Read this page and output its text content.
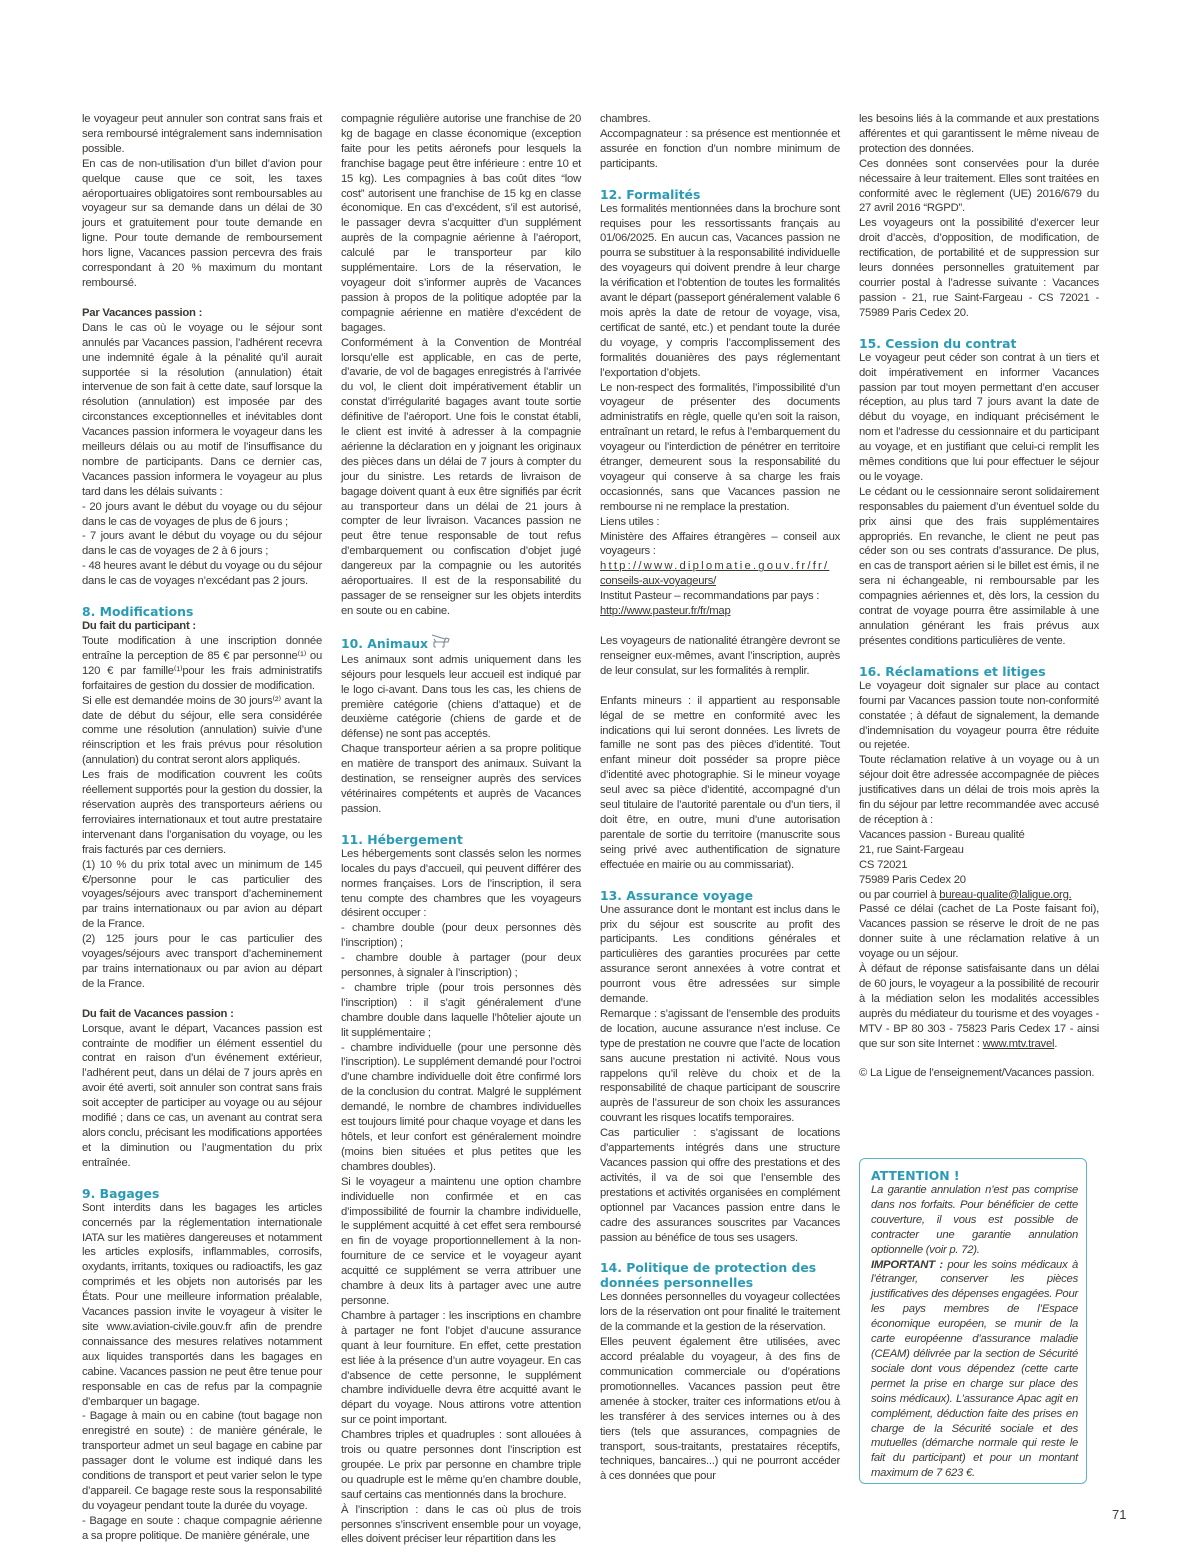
le voyageur peut annuler son contrat sans frais et sera remboursé intégralement sans indemnisation possible.

En cas de non-utilisation d’un billet d’avion pour quelque cause que ce soit, les taxes aéroportuaires obligatoires sont remboursables au voyageur sur sa demande dans un délai de 30 jours et gratuitement pour toute demande en ligne. Pour toute demande de remboursement hors ligne, Vacances passion percevra des frais correspondant à 20 % maximum du montant remboursé.

Par Vacances passion :

Dans le cas où le voyage ou le séjour sont annulés par Vacances passion, l’adhérent recevra une indemnité égale à la pénalité qu’il aurait supportée si la résolution (annulation) était intervenue de son fait à cette date, sauf lorsque la résolution (annulation) est imposée par des circonstances exceptionnelles et inévitables dont Vacances passion informera le voyageur dans les meilleurs délais ou au motif de l’insuffisance du nombre de participants. Dans ce dernier cas, Vacances passion informera le voyageur au plus tard dans les délais suivants :

- 20 jours avant le début du voyage ou du séjour dans le cas de voyages de plus de 6 jours ;

- 7 jours avant le début du voyage ou du séjour dans le cas de voyages de 2 à 6 jours ;

- 48 heures avant le début du voyage ou du séjour dans le cas de voyages n’excédant pas 2 jours.

8. Modifications

Du fait du participant :

Toute modification à une inscription donnée entraîne la perception de 85 € par personne⁽¹⁾ ou 120 € par famille⁽¹⁾pour les frais administratifs forfaitaires de gestion du dossier de modification.

Si elle est demandée moins de 30 jours⁽²⁾ avant la date de début du séjour, elle sera considérée comme une résolution (annulation) suivie d’une réinscription et les frais prévus pour résolution (annulation) du contrat seront alors appliqués.

Les frais de modification couvrent les coûts réellement supportés pour la gestion du dossier, la réservation auprès des transporteurs aériens ou ferroviaires internationaux et tout autre prestataire intervenant dans l’organisation du voyage, ou les frais facturés par ces derniers.

(1) 10 % du prix total avec un minimum de 145 €/personne pour le cas particulier des voyages/séjours avec transport d’acheminement par trains internationaux ou par avion au départ de la France.

(2) 125 jours pour le cas particulier des voyages/séjours avec transport d’acheminement par trains internationaux ou par avion au départ de la France.

Du fait de Vacances passion :

Lorsque, avant le départ, Vacances passion est contrainte de modifier un élément essentiel du contrat en raison d’un événement extérieur, l’adhérent peut, dans un délai de 7 jours après en avoir été averti, soit annuler son contrat sans frais soit accepter de participer au voyage ou au séjour modifié ; dans ce cas, un avenant au contrat sera alors conclu, précisant les modifications apportées et la diminution ou l’augmentation du prix entraînée.

9. Bagages

Sont interdits dans les bagages les articles concernés par la réglementation internationale IATA sur les matières dangereuses et notamment les articles explosifs, inflammables, corrosifs, oxydants, irritants, toxiques ou radioactifs, les gaz comprimés et les objets non autorisés par les États. Pour une meilleure information préalable, Vacances passion invite le voyageur à visiter le site www.aviation-civile.gouv.fr afin de prendre connaissance des mesures relatives notamment aux liquides transportés dans les bagages en cabine. Vacances passion ne peut être tenue pour responsable en cas de refus par la compagnie d’embarquer un bagage.

- Bagage à main ou en cabine (tout bagage non enregistré en soute) : de manière générale, le transporteur admet un seul bagage en cabine par passager dont le volume est indiqué dans les conditions de transport et peut varier selon le type d’appareil. Ce bagage reste sous la responsabilité du voyageur pendant toute la durée du voyage.

- Bagage en soute : chaque compagnie aérienne a sa propre politique. De manière générale, une

compagnie régulière autorise une franchise de 20 kg de bagage en classe économique (exception faite pour les petits aéronefs pour lesquels la franchise bagage peut être inférieure : entre 10 et 15 kg). Les compagnies à bas coût dites “low cost” autorisent une franchise de 15 kg en classe économique. En cas d’excédent, s’il est autorisé, le passager devra s’acquitter d’un supplément auprès de la compagnie aérienne à l’aéroport, calculé par le transporteur par kilo supplémentaire. Lors de la réservation, le voyageur doit s’informer auprès de Vacances passion à propos de la politique adoptée par la compagnie aérienne en matière d’excédent de bagages.

Conformément à la Convention de Montréal lorsqu’elle est applicable, en cas de perte, d’avarie, de vol de bagages enregistrés à l’arrivée du vol, le client doit impérativement établir un constat d’irrégularité bagages avant toute sortie définitive de l’aéroport. Une fois le constat établi, le client est invité à adresser à la compagnie aérienne la déclaration en y joignant les originaux des pièces dans un délai de 7 jours à compter du jour du sinistre. Les retards de livraison de bagage doivent quant à eux être signifiés par écrit au transporteur dans un délai de 21 jours à compter de leur livraison. Vacances passion ne peut être tenue responsable de tout refus d’embarquement ou confiscation d’objet jugé dangereux par la compagnie ou les autorités aéroportuaires. Il est de la responsabilité du passager de se renseigner sur les objets interdits en soute ou en cabine.

10. Animaux

Les animaux sont admis uniquement dans les séjours pour lesquels leur accueil est indiqué par le logo ci-avant. Dans tous les cas, les chiens de première catégorie (chiens d’attaque) et de deuxième catégorie (chiens de garde et de défense) ne sont pas acceptés.

Chaque transporteur aérien a sa propre politique en matière de transport des animaux. Suivant la destination, se renseigner auprès des services vétérinaires compétents et auprès de Vacances passion.

11. Hébergement

Les hébergements sont classés selon les normes locales du pays d’accueil, qui peuvent différer des normes françaises. Lors de l’inscription, il sera tenu compte des chambres que les voyageurs désirent occuper :

- chambre double (pour deux personnes dès l’inscription) ;

- chambre double à partager (pour deux personnes, à signaler à l’inscription) ;

- chambre triple (pour trois personnes dès l’inscription) : il s’agit généralement d’une chambre double dans laquelle l’hôtelier ajoute un lit supplémentaire ;

- chambre individuelle (pour une personne dès l’inscription). Le supplément demandé pour l’octroi d’une chambre individuelle doit être confirmé lors de la conclusion du contrat. Malgré le supplément demandé, le nombre de chambres individuelles est toujours limité pour chaque voyage et dans les hôtels, et leur confort est généralement moindre (moins bien situées et plus petites que les chambres doubles).

Si le voyageur a maintenu une option chambre individuelle non confirmée et en cas d’impossibilité de fournir la chambre individuelle, le supplément acquitté à cet effet sera remboursé en fin de voyage proportionnellement à la non-fourniture de ce service et le voyageur ayant acquitté ce supplément se verra attribuer une chambre à deux lits à partager avec une autre personne.

Chambre à partager : les inscriptions en chambre à partager ne font l’objet d’aucune assurance quant à leur fourniture. En effet, cette prestation est liée à la présence d’un autre voyageur. En cas d’absence de cette personne, le supplément chambre individuelle devra être acquitté avant le départ du voyage. Nous attirons votre attention sur ce point important.

Chambres triples et quadruples : sont allouées à trois ou quatre personnes dont l’inscription est groupée. Le prix par personne en chambre triple ou quadruple est le même qu’en chambre double, sauf certains cas mentionnés dans la brochure.

À l’inscription : dans le cas où plus de trois personnes s’inscrivent ensemble pour un voyage, elles doivent préciser leur répartition dans les

chambres.

Accompagnateur : sa présence est mentionnée et assurée en fonction d’un nombre minimum de participants.

12. Formalités

Les formalités mentionnées dans la brochure sont requises pour les ressortissants français au 01/06/2025. En aucun cas, Vacances passion ne pourra se substituer à la responsabilité individuelle des voyageurs qui doivent prendre à leur charge la vérification et l’obtention de toutes les formalités avant le départ (passeport généralement valable 6 mois après la date de retour de voyage, visa, certificat de santé, etc.) et pendant toute la durée du voyage, y compris l’accomplissement des formalités douanières des pays réglementant l’exportation d’objets.

Le non-respect des formalités, l’impossibilité d’un voyageur de présenter des documents administratifs en règle, quelle qu’en soit la raison, entraînant un retard, le refus à l’embarquement du voyageur ou l’interdiction de pénétrer en territoire étranger, demeurent sous la responsabilité du voyageur qui conserve à sa charge les frais occasionnés, sans que Vacances passion ne rembourse ni ne remplace la prestation.

Liens utiles :

Ministère des Affaires étrangères – conseil aux voyageurs :

http://www.diplomatie.gouv.fr/fr/

conseils-aux-voyageurs/

Institut Pasteur – recommandations par pays :

http://www.pasteur.fr/fr/map

Les voyageurs de nationalité étrangère devront se renseigner eux-mêmes, avant l’inscription, auprès de leur consulat, sur les formalités à remplir.

Enfants mineurs : il appartient au responsable légal de se mettre en conformité avec les indications qui lui seront données. Les livrets de famille ne sont pas des pièces d’identité. Tout enfant mineur doit posséder sa propre pièce d’identité avec photographie. Si le mineur voyage seul avec sa pièce d’identité, accompagné d’un seul titulaire de l’autorité parentale ou d’un tiers, il doit être, en outre, muni d’une autorisation parentale de sortie du territoire (manuscrite sous seing privé avec authentification de signature effectuée en mairie ou au commissariat).

13. Assurance voyage

Une assurance dont le montant est inclus dans le prix du séjour est souscrite au profit des participants. Les conditions générales et particulières des garanties procurées par cette assurance seront annexées à votre contrat et pourront vous être adressées sur simple demande.

Remarque : s’agissant de l’ensemble des produits de location, aucune assurance n’est incluse. Ce type de prestation ne couvre que l’acte de location sans aucune prestation ni activité. Nous vous rappelons qu’il relève du choix et de la responsabilité de chaque participant de souscrire auprès de l’assureur de son choix les assurances couvrant les risques locatifs temporaires.

Cas particulier : s’agissant de locations d’appartements intégrés dans une structure Vacances passion qui offre des prestations et des activités, il va de soi que l’ensemble des prestations et activités organisées en complément optionnel par Vacances passion entre dans le cadre des assurances souscrites par Vacances passion au bénéfice de tous ses usagers.

14. Politique de protection des données personnelles

Les données personnelles du voyageur collectées lors de la réservation ont pour finalité le traitement de la commande et la gestion de la réservation.

Elles peuvent également être utilisées, avec accord préalable du voyageur, à des fins de communication commerciale ou d’opérations promotionnelles. Vacances passion peut être amenée à stocker, traiter ces informations et/ou à les transférer à des services internes ou à des tiers (tels que assurances, compagnies de transport, sous-traitants, prestataires réceptifs, techniques, bancaires...) qui ne pourront accéder à ces données que pour

les besoins liés à la commande et aux prestations afférentes et qui garantissent le même niveau de protection des données.

Ces données sont conservées pour la durée nécessaire à leur traitement. Elles sont traitées en conformité avec le règlement (UE) 2016/679 du 27 avril 2016 “RGPD”.

Les voyageurs ont la possibilité d’exercer leur droit d’accès, d’opposition, de modification, de rectification, de portabilité et de suppression sur leurs données personnelles gratuitement par courrier postal à l’adresse suivante : Vacances passion - 21, rue Saint-Fargeau - CS 72021 - 75989 Paris Cedex 20.

15. Cession du contrat

Le voyageur peut céder son contrat à un tiers et doit impérativement en informer Vacances passion par tout moyen permettant d’en accuser réception, au plus tard 7 jours avant la date de début du voyage, en indiquant précisément le nom et l’adresse du cessionnaire et du participant au voyage, et en justifiant que celui-ci remplit les mêmes conditions que lui pour effectuer le séjour ou le voyage.

Le cédant ou le cessionnaire seront solidairement responsables du paiement d’un éventuel solde du prix ainsi que des frais supplémentaires appropriés. En revanche, le client ne peut pas céder son ou ses contrats d’assurance. De plus, en cas de transport aérien si le billet est émis, il ne sera ni échangeable, ni remboursable par les compagnies aériennes et, dès lors, la cession du contrat de voyage pourra être assimilable à une annulation générant les frais prévus aux présentes conditions particulières de vente.

16. Réclamations et litiges

Le voyageur doit signaler sur place au contact fourni par Vacances passion toute non-conformité constatée ; à défaut de signalement, la demande d’indemnisation du voyageur pourra être réduite ou rejetée.

Toute réclamation relative à un voyage ou à un séjour doit être adressée accompagnée de pièces justificatives dans un délai de trois mois après la fin du séjour par lettre recommandée avec accusé de réception à :

Vacances passion - Bureau qualité

21, rue Saint-Fargeau

CS 72021

75989 Paris Cedex 20

ou par courriel à bureau-qualite@laligue.org.

Passé ce délai (cachet de La Poste faisant foi), Vacances passion se réserve le droit de ne pas donner suite à une réclamation relative à un voyage ou un séjour.

À défaut de réponse satisfaisante dans un délai de 60 jours, le voyageur a la possibilité de recourir à la médiation selon les modalités accessibles auprès du médiateur du tourisme et des voyages - MTV - BP 80 303 - 75823 Paris Cedex 17 - ainsi que sur son site Internet : www.mtv.travel.

© La Ligue de l’enseignement/Vacances passion.

ATTENTION !

La garantie annulation n’est pas comprise dans nos forfaits. Pour bénéficier de cette couverture, il vous est possible de contracter une garantie annulation optionnelle (voir p. 72).

IMPORTANT : pour les soins médicaux à l’étranger, conserver les pièces justificatives des dépenses engagées. Pour les pays membres de l’Espace économique européen, se munir de la carte européenne d’assurance maladie (CEAM) délivrée par la section de Sécurité sociale dont vous dépendez (cette carte permet la prise en charge sur place des soins médicaux). L’assurance Apac agit en complément, déduction faite des prises en charge de la Sécurité sociale et des mutuelles (démarche normale qui reste le fait du participant) et pour un montant maximum de 7 623 €.

71
